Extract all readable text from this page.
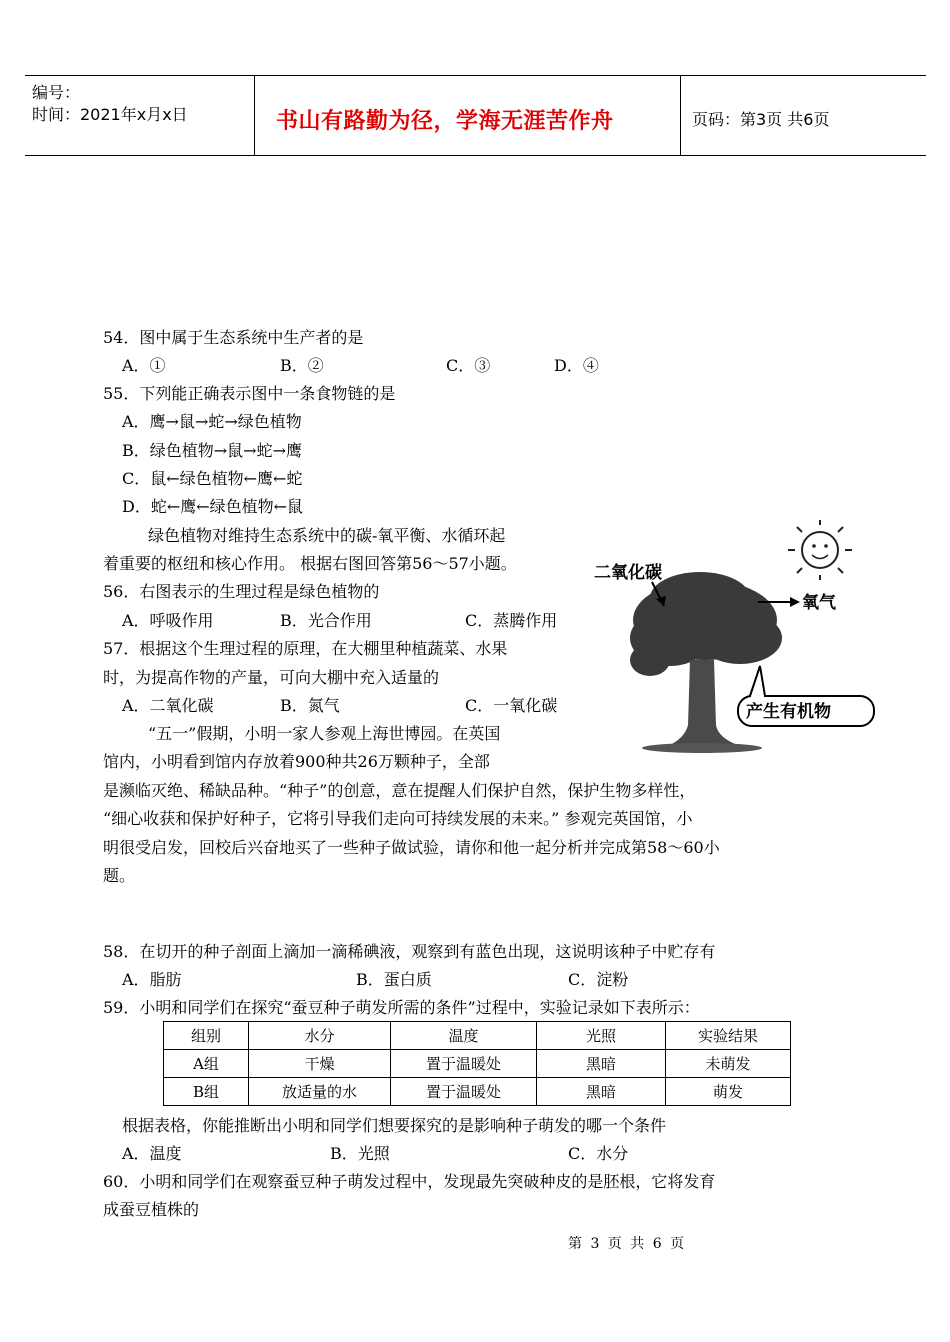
编号：
时间：2021年x月x日	书山有路勤为径，学海无涯苦作舟	页码：第3页 共6页
54．图中属于生态系统中生产者的是
A．①	B．②	C．③	D．④
55．下列能正确表示图中一条食物链的是
A．鹰→鼠→蛇→绿色植物
B．绿色植物→鼠→蛇→鹰
C．鼠←绿色植物←鹰←蛇
D．蛇←鹰←绿色植物←鼠
绿色植物对维持生态系统中的碳-氧平衡、水循环起
着重要的枢纽和核心作用。 根据右图回答第56～57小题。
56．右图表示的生理过程是绿色植物的
A．呼吸作用	B．光合作用	C．蒸腾作用
57．根据这个生理过程的原理，在大棚里种植蔬菜、水果
时，为提高作物的产量，可向大棚中充入适量的
A．二氧化碳	B．氮气	C．一氧化碳
“五一”假期，小明一家人参观上海世博园。在英国
馆内，小明看到馆内存放着900种共26万颗种子，全部
是濒临灭绝、稀缺品种。“种子”的创意，意在提醒人们保护自然，保护生物多样性，
“细心收获和保护好种子，它将引导我们走向可持续发展的未来。” 参观完英国馆，小
明很受启发，回校后兴奋地买了一些种子做试验，请你和他一起分析并完成第58～60小
题。
二氧化碳
氧气
产生有机物
58．在切开的种子剖面上滴加一滴稀碘液，观察到有蓝色出现，这说明该种子中贮存有
A．脂肪	B．蛋白质	C．淀粉
59．小明和同学们在探究“蚕豆种子萌发所需的条件”过程中，实验记录如下表所示：
组别	水分	温度	光照	实验结果
A组	干燥	置于温暖处	黑暗	未萌发
B组	放适量的水	置于温暖处	黑暗	萌发
根据表格，你能推断出小明和同学们想要探究的是影响种子萌发的哪一个条件
A．温度	B．光照	C．水分
60．小明和同学们在观察蚕豆种子萌发过程中，发现最先突破种皮的是胚根，它将发育
成蚕豆植株的
第 3 页 共 6 页
